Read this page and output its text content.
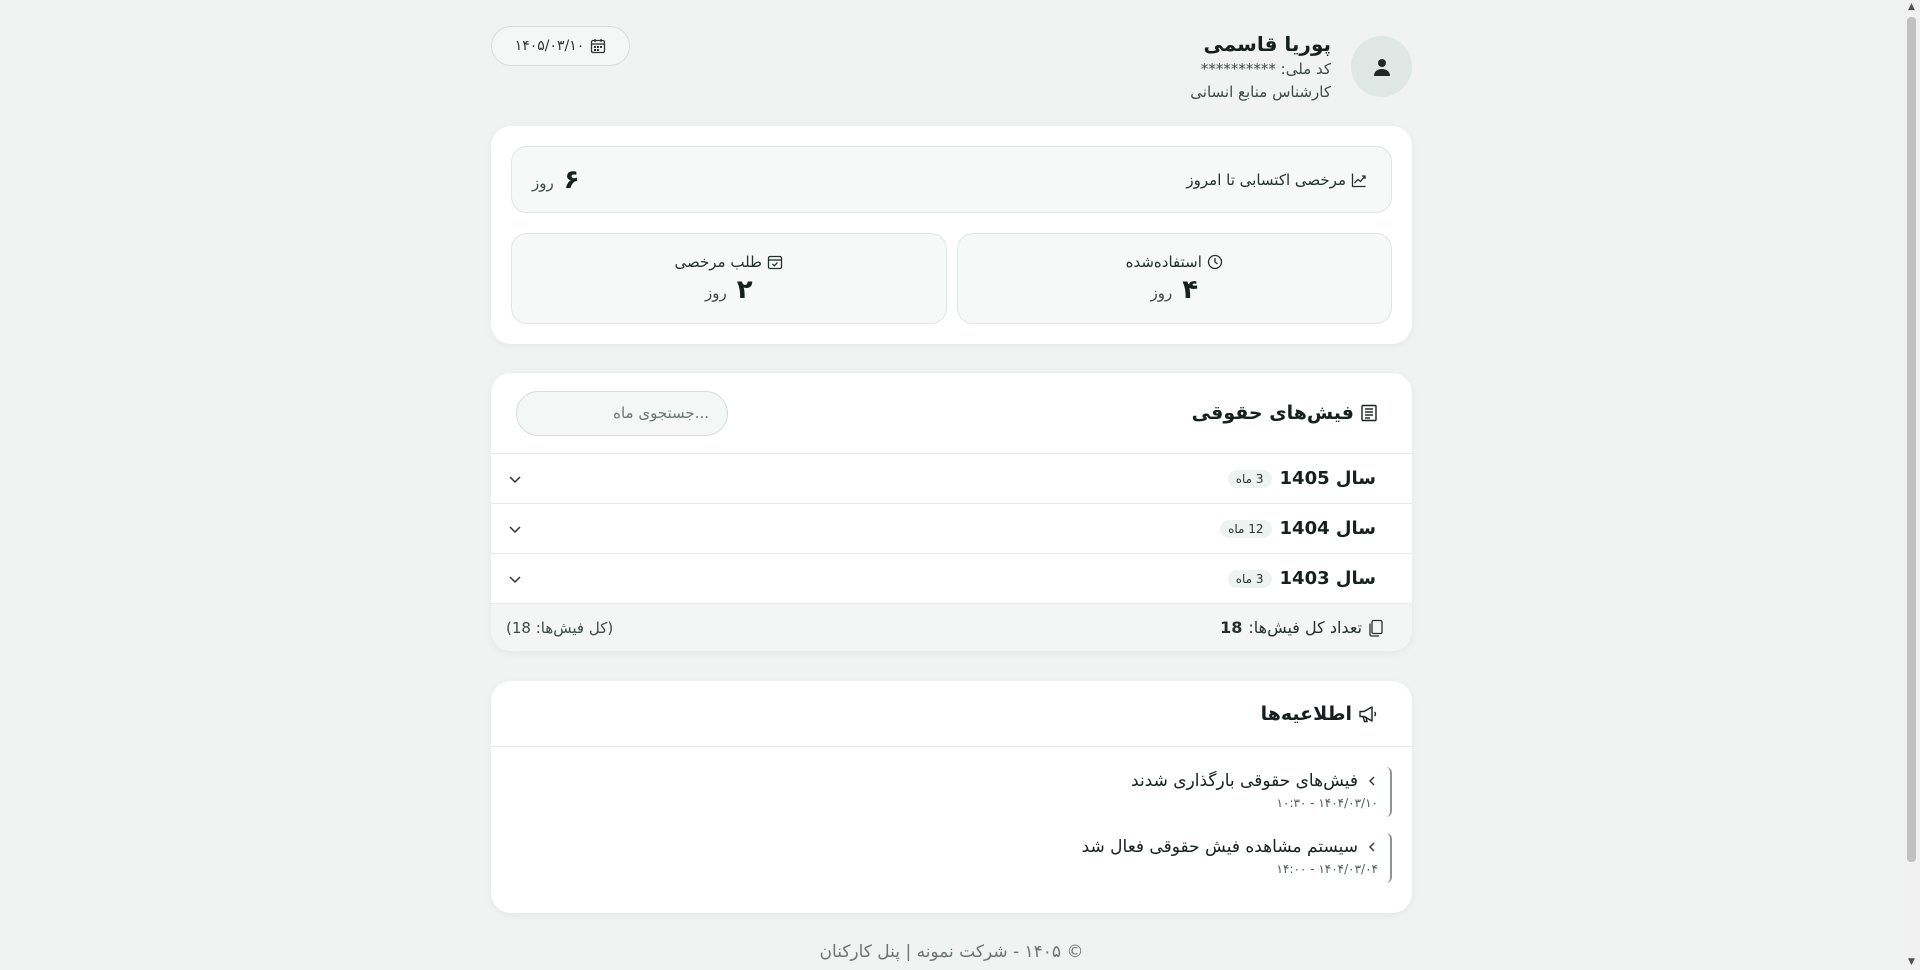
پوریا قاسمی
کد ملی: **********
کارشناس منابع انسانی
۱۴۰۵/۰۳/۱۰
مرخصی اکتسابی تا امروز
۶
روز
استفاده‌شده
۴
روز
طلب مرخصی
۲
روز
فیش‌های حقوقی
...جستجوی ماه
سال 1405
3 ماه
سال 1404
12 ماه
سال 1403
3 ماه
تعداد کل فیش‌ها:
18
(کل فیش‌ها: 18)
اطلاعیه‌ها
فیش‌های حقوقی بارگذاری شدند
۱۴۰۴/۰۳/۱۰ - ۱۰:۳۰
سیستم مشاهده فیش حقوقی فعال شد
۱۴۰۴/۰۳/۰۴ - ۱۴:۰۰
© ۱۴۰۵ - شرکت نمونه | پنل کارکنان
▲
▼
